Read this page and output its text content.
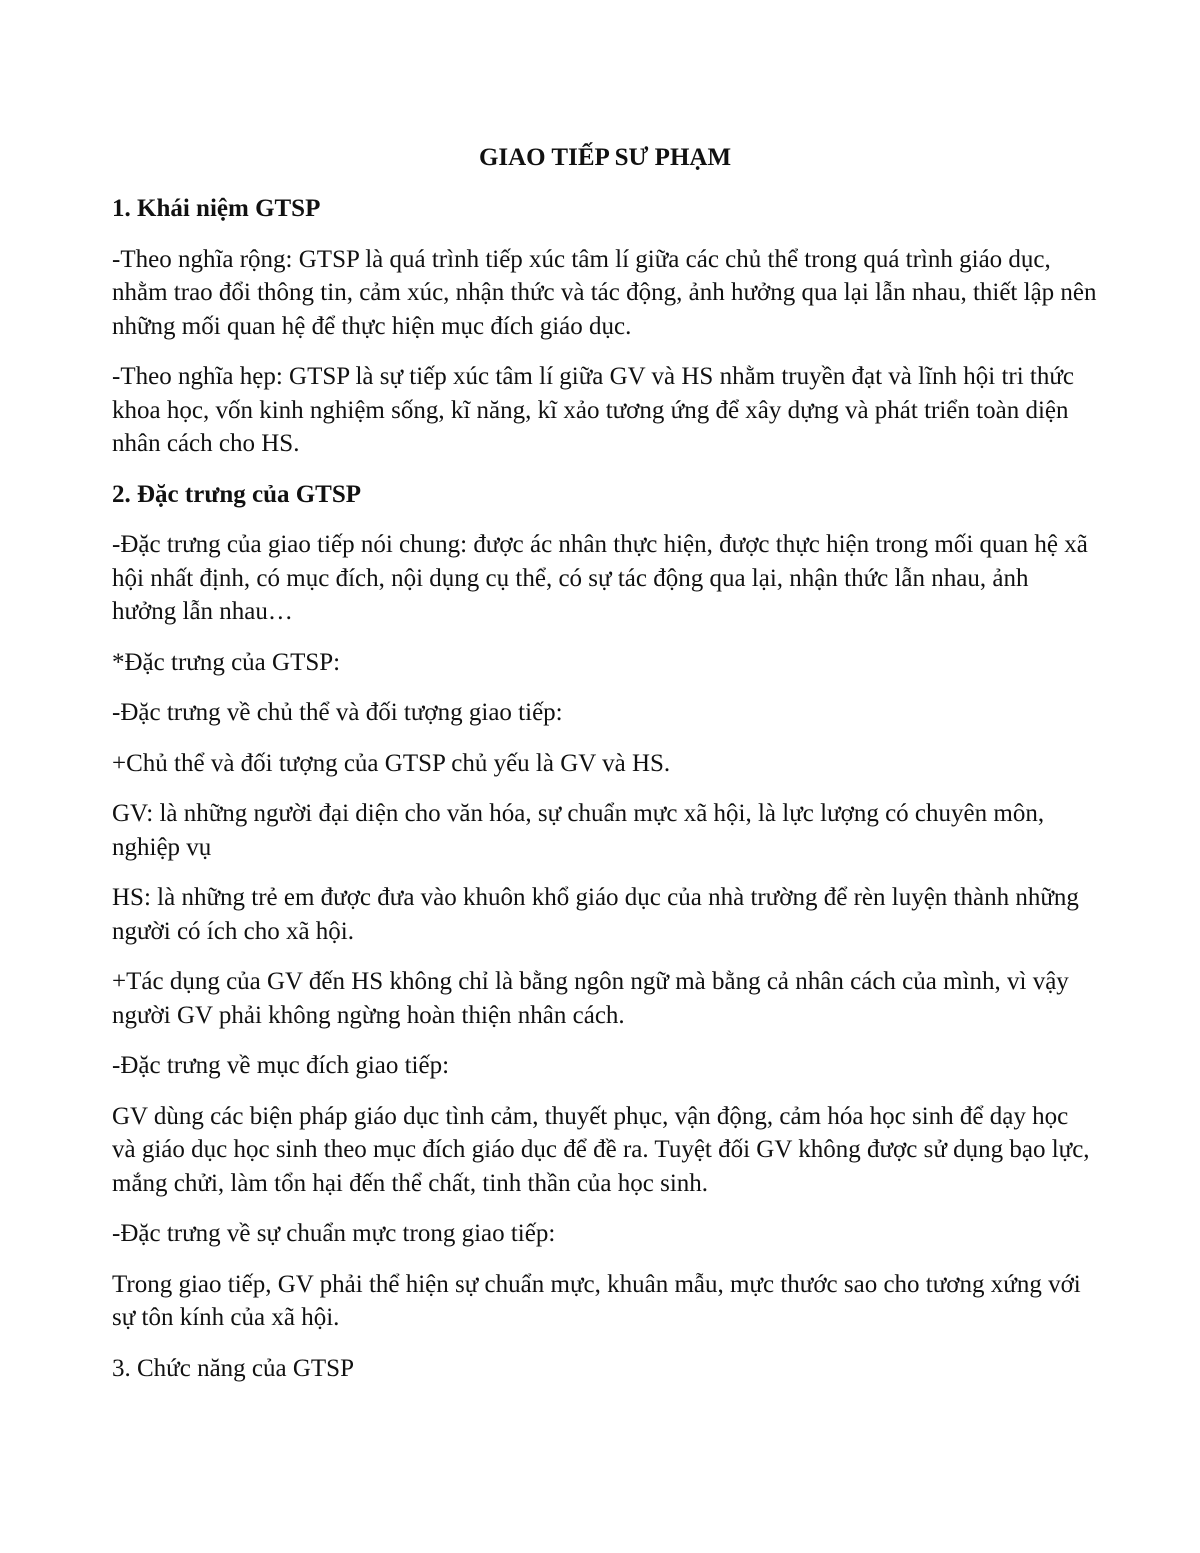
GIAO TIẾP SƯ PHẠM
1. Khái niệm GTSP

-Theo nghĩa rộng: GTSP là quá trình tiếp xúc tâm lí giữa các chủ thể trong quá trình giáo dục, nhằm trao đổi thông tin, cảm xúc, nhận thức và tác động, ảnh hưởng qua lại lẫn nhau, thiết lập nên những mối quan hệ để thực hiện mục đích giáo dục.

-Theo nghĩa hẹp: GTSP là sự tiếp xúc tâm lí giữa GV và HS nhằm truyền đạt và lĩnh hội tri thức khoa học, vốn kinh nghiệm sống, kĩ năng, kĩ xảo tương ứng để xây dựng và phát triển toàn diện nhân cách cho HS.

2. Đặc trưng của GTSP

-Đặc trưng của giao tiếp nói chung: được ác nhân thực hiện, được thực hiện trong mối quan hệ xã hội nhất định, có mục đích, nội dụng cụ thể, có sự tác động qua lại, nhận thức lẫn nhau, ảnh hưởng lẫn nhau…

*Đặc trưng của GTSP:

-Đặc trưng về chủ thể và đối tượng giao tiếp:

+Chủ thể và đối tượng của GTSP chủ yếu là GV và HS.

GV: là những người đại diện cho văn hóa, sự chuẩn mực xã hội, là lực lượng có chuyên môn, nghiệp vụ

HS: là những trẻ em được đưa vào khuôn khổ giáo dục của nhà trường để rèn luyện thành những người có ích cho xã hội.

+Tác dụng của GV đến HS không chỉ là bằng ngôn ngữ mà bằng cả nhân cách của mình, vì vậy người GV phải không ngừng hoàn thiện nhân cách.

-Đặc trưng về mục đích giao tiếp:

GV dùng các biện pháp giáo dục tình cảm, thuyết phục, vận động, cảm hóa học sinh để dạy học và giáo dục học sinh theo mục đích giáo dục để đề ra. Tuyệt đối GV không được sử dụng bạo lực, mắng chửi, làm tổn hại đến thể chất, tinh thần của học sinh.

-Đặc trưng về sự chuẩn mực trong giao tiếp:

Trong giao tiếp, GV phải thể hiện sự chuẩn mực, khuân mẫu, mực thước sao cho tương xứng với sự tôn kính của xã hội.

3. Chức năng của GTSP
